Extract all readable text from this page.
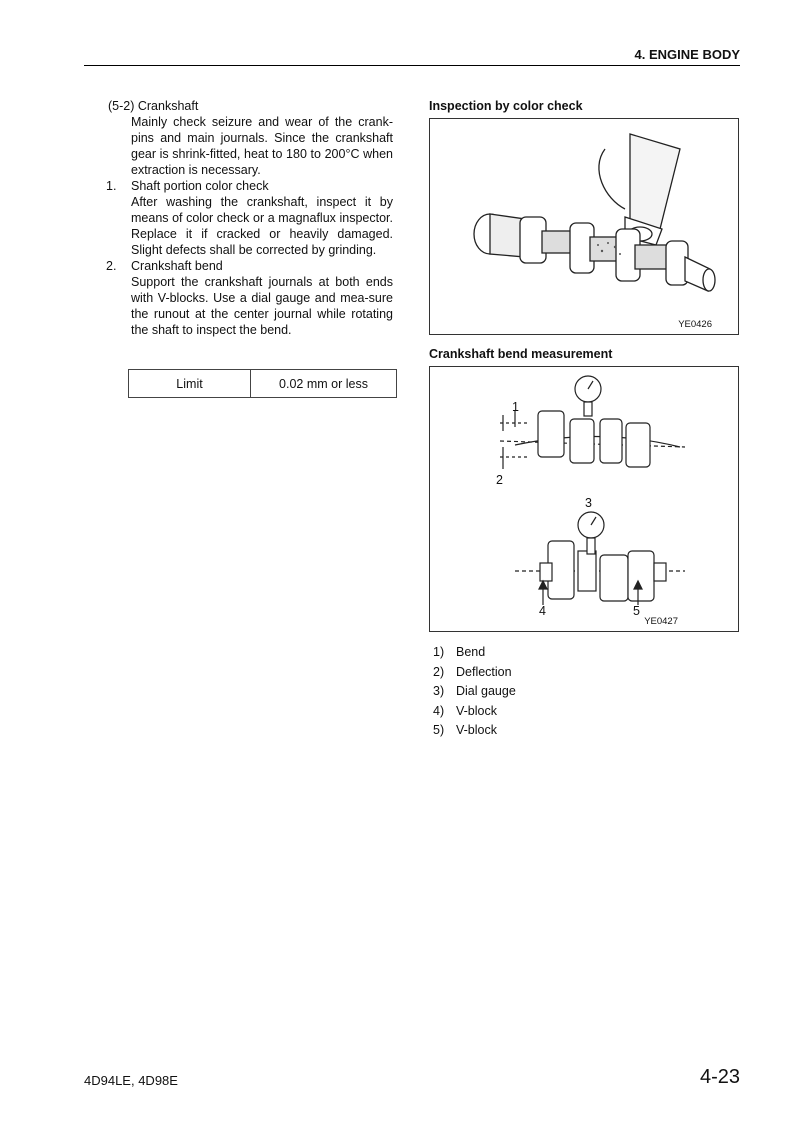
4. ENGINE BODY

(5-2) Crankshaft

Mainly check seizure and wear of the crank-pins and main journals. Since the crankshaft gear is shrink-fitted, heat to 180 to 200°C when extraction is necessary.

1.	Shaft portion color check

After washing the crankshaft, inspect it by means of color check or a magnaflux inspector. Replace it if cracked or heavily damaged. Slight defects shall be corrected by grinding.

2.	Crankshaft bend

Support the crankshaft journals at both ends with V-blocks. Use a dial gauge and mea-sure the runout at the center journal while rotating the shaft to inspect the bend.

Limit	0.02 mm or less
Inspection by color check
YE0426
Crankshaft bend measurement
1
2
3
4	5
YE0427
1) Bend
2) Deflection
3) Dial gauge
4) V-block
5) V-block
4D94LE, 4D98E	4-23
